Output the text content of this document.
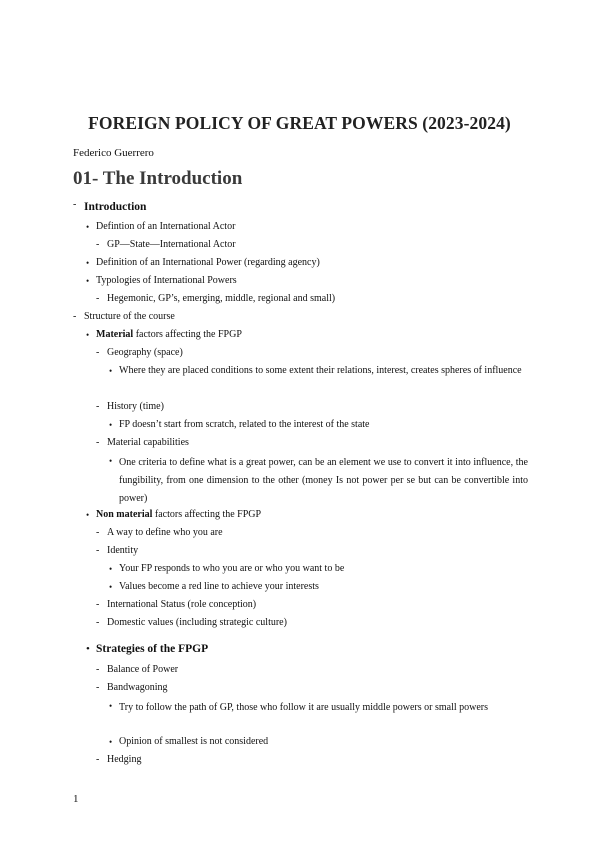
FOREIGN POLICY OF GREAT POWERS (2023-2024)
Federico Guerrero
01- The Introduction
- Introduction
• Defintion of an International Actor
- GP—State—International Actor
• Definition of an International Power (regarding agency)
• Typologies of International Powers
- Hegemonic, GP’s, emerging, middle, regional and small)
- Structure of the course
• Material factors affecting the FPGP
- Geography (space)
• Where they are placed conditions to some extent their relations, interest, creates spheres of influence
- History (time)
• FP doesn’t start from scratch, related to the interest of the state
- Material capabilities
• One criteria to define what is a great power, can be an element we use to convert it into influence, the fungibility, from one dimension to the other (money Is not power per se but can be convertible into power)
• Non material factors affecting the FPGP
- A way to define who you are
- Identity
• Your FP responds to who you are or who you want to be
• Values become a red line to achieve your interests
- International Status (role conception)
- Domestic values (including strategic culture)
• Strategies of the FPGP
- Balance of Power
- Bandwagoning
• Try to follow the path of GP, those who follow it are usually middle powers or small powers
• Opinion of smallest is not considered
- Hedging
1
